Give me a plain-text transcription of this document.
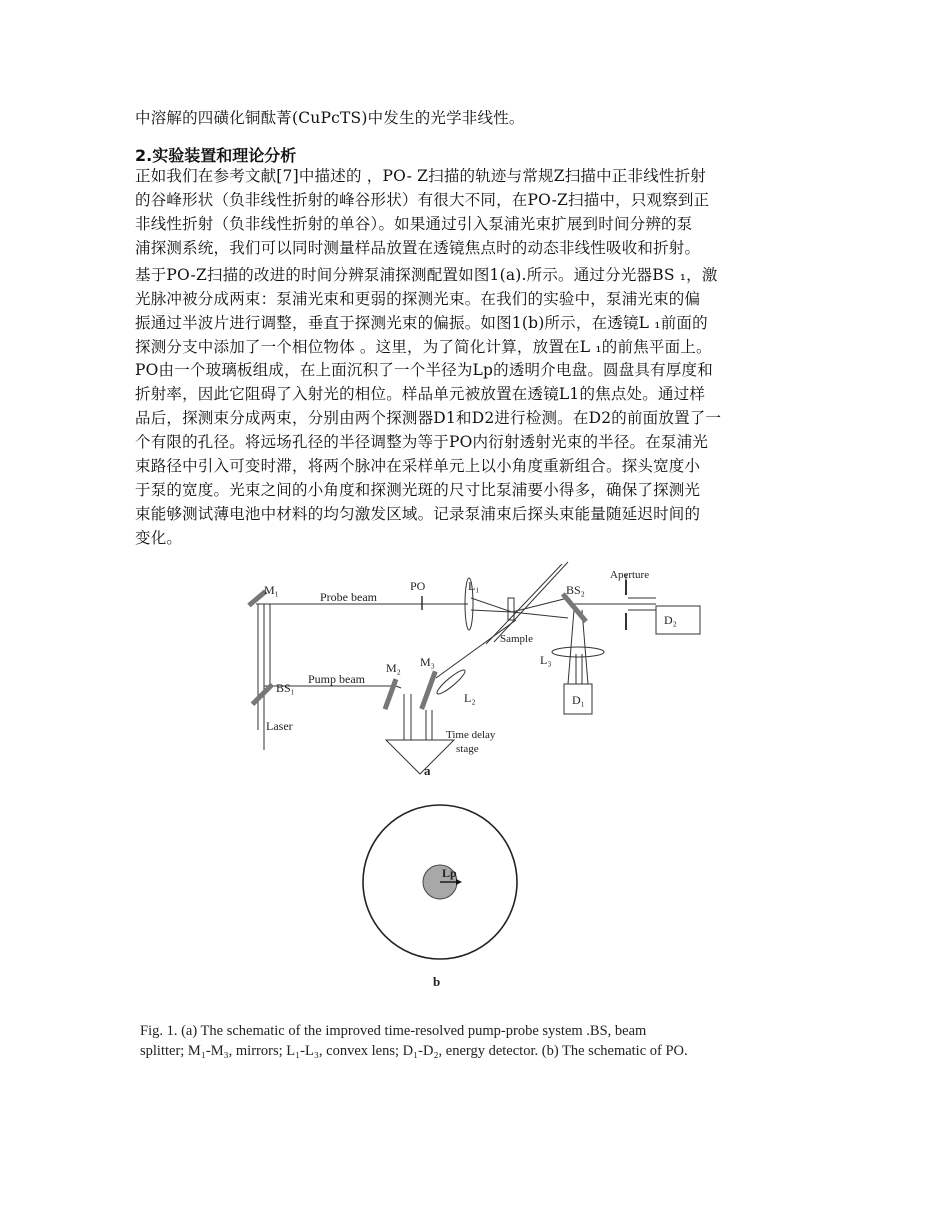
中溶解的四磺化铜酞菁(CuPcTS)中发生的光学非线性。
2.实验装置和理论分析
正如我们在参考文献[7]中描述的 ，PO- Z扫描的轨迹与常规Z扫描中正非线性折射
的谷峰形状（负非线性折射的峰谷形状）有很大不同，在PO-Z扫描中，只观察到正
非线性折射（负非线性折射的单谷）。如果通过引入泵浦光束扩展到时间分辨的泵
浦探测系统，我们可以同时测量样品放置在透镜焦点时的动态非线性吸收和折射。
基于PO-Z扫描的改进的时间分辨泵浦探测配置如图1(a).所示。通过分光器BS ₁，激
光脉冲被分成两束：泵浦光束和更弱的探测光束。在我们的实验中，泵浦光束的偏
振通过半波片进行调整，垂直于探测光束的偏振。如图1(b)所示，在透镜L ₁前面的
探测分支中添加了一个相位物体 。这里，为了简化计算，放置在L ₁的前焦平面上。
PO由一个玻璃板组成，在上面沉积了一个半径为Lp的透明介电盘。圆盘具有厚度和
折射率，因此它阻碍了入射光的相位。样品单元被放置在透镜L1的焦点处。通过样
品后，探测束分成两束，分别由两个探测器D1和D2进行检测。在D2的前面放置了一
个有限的孔径。将远场孔径的半径调整为等于PO内衍射透射光束的半径。在泵浦光
束路径中引入可变时滞，将两个脉冲在采样单元上以小角度重新组合。探头宽度小
于泵的宽度。光束之间的小角度和探测光斑的尺寸比泵浦要小得多，确保了探测光
束能够测试薄电池中材料的均匀激发区域。记录泵浦束后探头束能量随延迟时间的
变化。
M₁	Probe beam
PO	L₁
Aperture
BS₂
D₂
Sample
L₃
D₁
BS₁
Pump beam
M₂ M₃
L₂
Laser
Time delay
stage
a
Lp
b
Fig. 1. (a) The schematic of the improved time-resolved pump-probe system .BS, beam
splitter; M₁-M₃, mirrors; L₁-L₃, convex lens; D₁-D₂, energy detector. (b) The schematic of PO.
